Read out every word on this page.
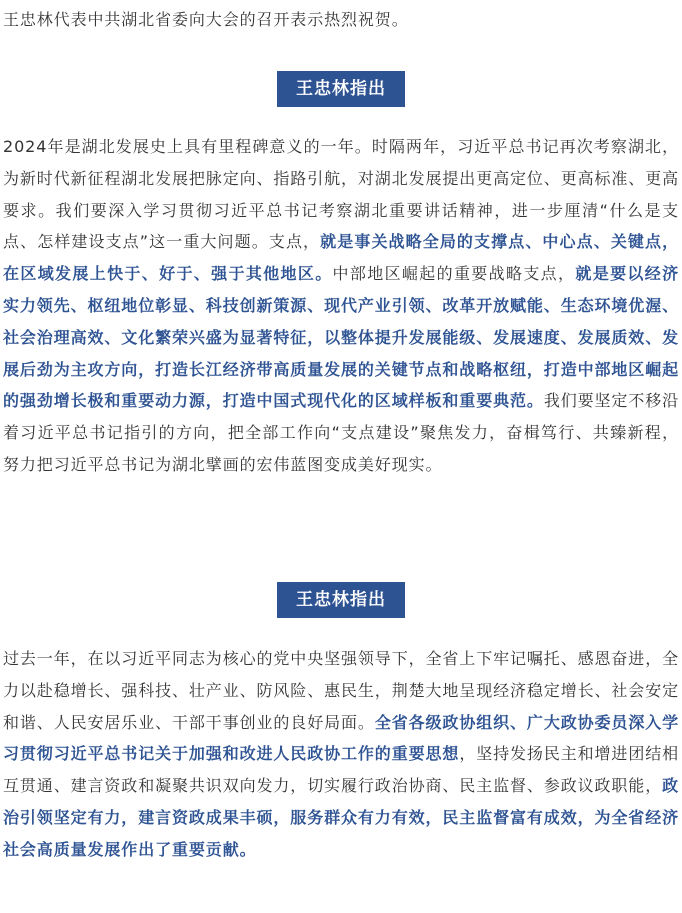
王忠林代表中共湖北省委向大会的召开表示热烈祝贺。

王忠林指出

2024年是湖北发展史上具有里程碑意义的一年。时隔两年，习近平总书记再次考察湖北，为新时代新征程湖北发展把脉定向、指路引航，对湖北发展提出更高定位、更高标准、更高要求。我们要深入学习贯彻习近平总书记考察湖北重要讲话精神，进一步厘清“什么是支点、怎样建设支点”这一重大问题。支点，就是事关战略全局的支撑点、中心点、关键点，在区域发展上快于、好于、强于其他地区。中部地区崛起的重要战略支点，就是要以经济实力领先、枢纽地位彰显、科技创新策源、现代产业引领、改革开放赋能、生态环境优渥、社会治理高效、文化繁荣兴盛为显著特征，以整体提升发展能级、发展速度、发展质效、发展后劲为主攻方向，打造长江经济带高质量发展的关键节点和战略枢纽，打造中部地区崛起的强劲增长极和重要动力源，打造中国式现代化的区域样板和重要典范。我们要坚定不移沿着习近平总书记指引的方向，把全部工作向“支点建设”聚焦发力，奋楫笃行、共臻新程，努力把习近平总书记为湖北擘画的宏伟蓝图变成美好现实。

王忠林指出

过去一年，在以习近平同志为核心的党中央坚强领导下，全省上下牢记嘱托、感恩奋进，全力以赴稳增长、强科技、壮产业、防风险、惠民生，荆楚大地呈现经济稳定增长、社会安定和谐、人民安居乐业、干部干事创业的良好局面。全省各级政协组织、广大政协委员深入学习贯彻习近平总书记关于加强和改进人民政协工作的重要思想，坚持发扬民主和增进团结相互贯通、建言资政和凝聚共识双向发力，切实履行政治协商、民主监督、参政议政职能，政治引领坚定有力，建言资政成果丰硕，服务群众有力有效，民主监督富有成效，为全省经济社会高质量发展作出了重要贡献。
